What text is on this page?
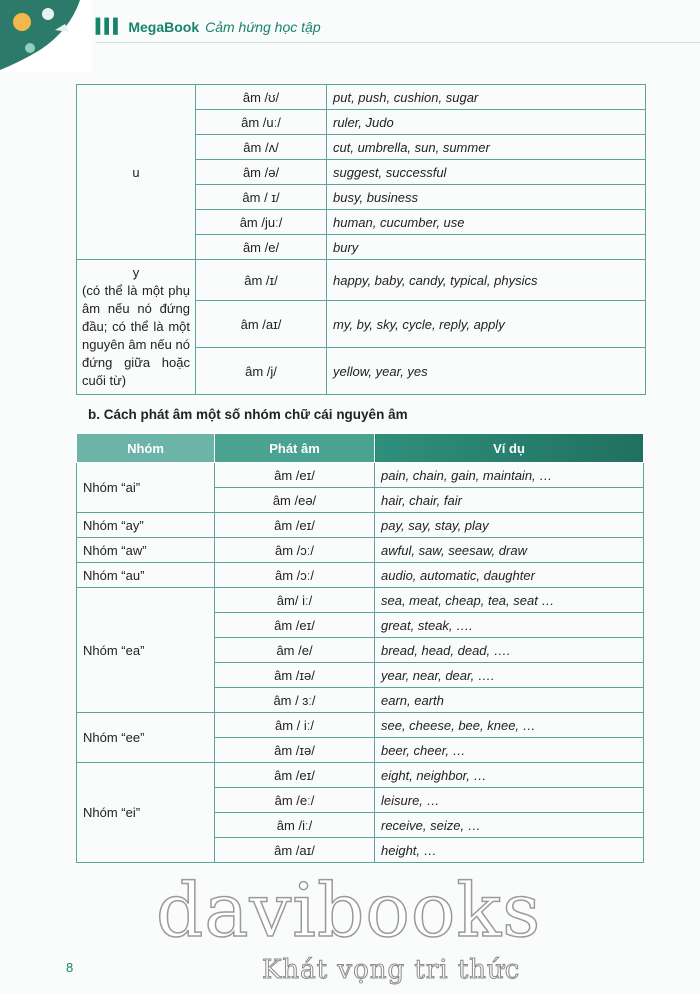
▍▍▍ MegaBook Cảm hứng học tập
u	âm /ʊ/	put, push, cushion, sugar
	âm /uː/	ruler, Judo
	âm /ʌ/	cut, umbrella, sun, summer
	âm /ə/	suggest, successful
	âm / ɪ/	busy, business
	âm /juː/	human, cucumber, use
	âm /e/	bury

y
(có thể là một phụ âm nếu nó đứng đầu; có thể là một nguyên âm nếu nó đứng giữa hoặc cuối từ)	âm /ɪ/	happy, baby, candy, typical, physics
	âm /aɪ/	my, by, sky, cycle, reply, apply
	âm /j/	yellow, year, yes
b. Cách phát âm một số nhóm chữ cái nguyên âm
Nhóm	Phát âm	Ví dụ
Nhóm “ai”	âm /eɪ/	pain, chain, gain, maintain, …
	âm /eə/	hair, chair, fair
Nhóm “ay”	âm /eɪ/	pay, say, stay, play
Nhóm “aw”	âm /ɔː/	awful, saw, seesaw, draw
Nhóm “au”	âm /ɔː/	audio, automatic, daughter
Nhóm “ea”	âm/ iː/	sea, meat, cheap, tea, seat …
	âm /eɪ/	great, steak, ….
	âm /e/	bread, head, dead, ….
	âm /ɪə/	year, near, dear, ….
	âm / ɜː/	earn, earth
Nhóm “ee”	âm / iː/	see, cheese, bee, knee, …
	âm /ɪə/	beer, cheer, …
Nhóm “ei”	âm /eɪ/	eight, neighbor, …
	âm /eː/	leisure, …
	âm /iː/	receive, seize, …
	âm /aɪ/	height, …
davibooks
Khát vọng tri thức
8
